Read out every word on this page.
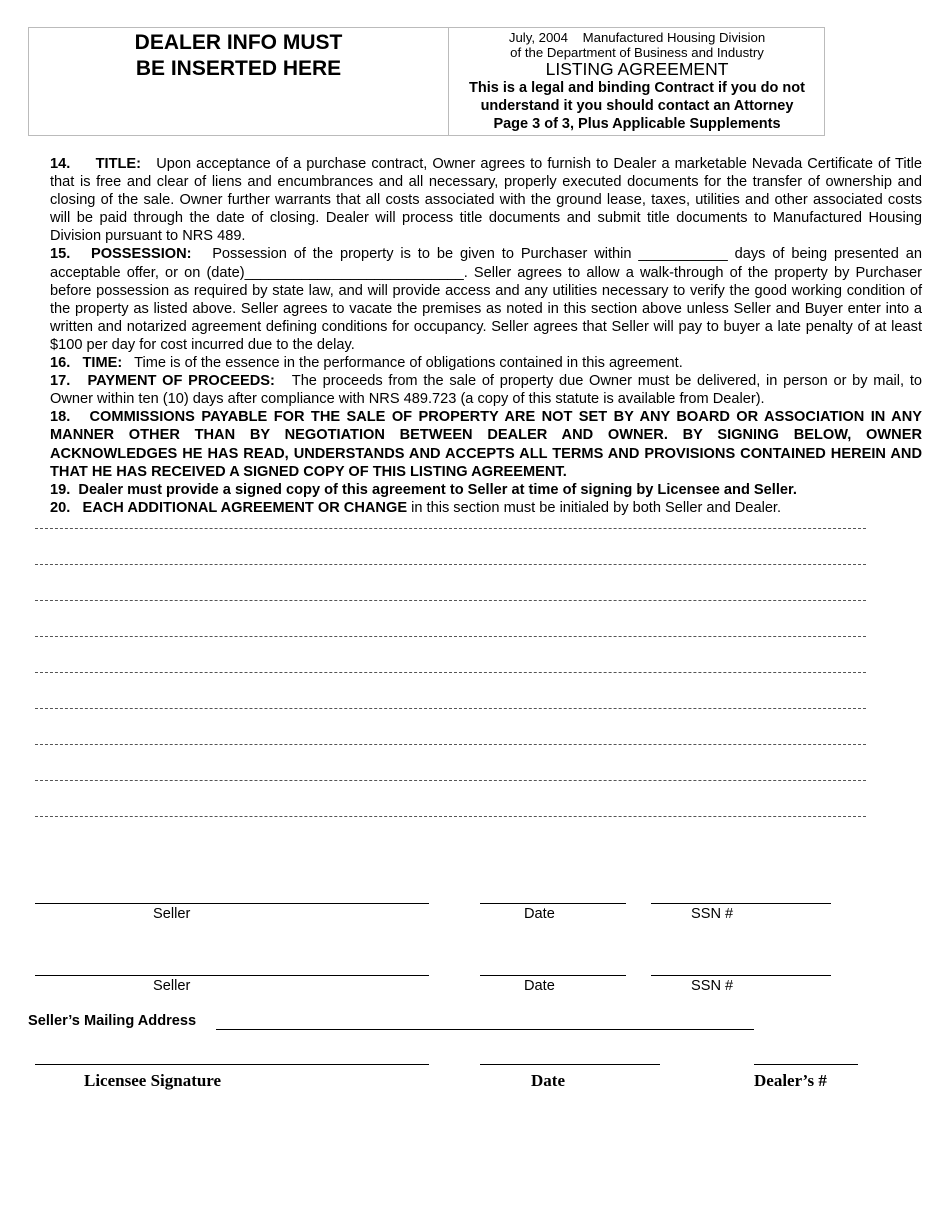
DEALER INFO MUST
BE INSERTED HERE
July, 2004    Manufactured Housing Division
of the Department of Business and Industry
LISTING AGREEMENT
This is a legal and binding Contract if you do not
understand it you should contact an Attorney
Page 3 of 3, Plus Applicable Supplements

14. TITLE: Upon acceptance of a purchase contract, Owner agrees to furnish to Dealer a marketable Nevada Certificate of Title that is free and clear of liens and encumbrances and all necessary, properly executed documents for the transfer of ownership and closing of the sale. Owner further warrants that all costs associated with the ground lease, taxes, utilities and other associated costs will be paid through the date of closing. Dealer will process title documents and submit title documents to Manufactured Housing Division pursuant to NRS 489.

15. POSSESSION: Possession of the property is to be given to Purchaser within ___________ days of being presented an acceptable offer, or on (date)___________________________. Seller agrees to allow a walk-through of the property by Purchaser before possession as required by state law, and will provide access and any utilities necessary to verify the good working condition of the property as listed above. Seller agrees to vacate the premises as noted in this section above unless Seller and Buyer enter into a written and notarized agreement defining conditions for occupancy. Seller agrees that Seller will pay to buyer a late penalty of at least $100 per day for cost incurred due to the delay.

16. TIME: Time is of the essence in the performance of obligations contained in this agreement.

17. PAYMENT OF PROCEEDS: The proceeds from the sale of property due Owner must be delivered, in person or by mail, to Owner within ten (10) days after compliance with NRS 489.723 (a copy of this statute is available from Dealer).

18. COMMISSIONS PAYABLE FOR THE SALE OF PROPERTY ARE NOT SET BY ANY BOARD OR ASSOCIATION IN ANY MANNER OTHER THAN BY NEGOTIATION BETWEEN DEALER AND OWNER. BY SIGNING BELOW, OWNER ACKNOWLEDGES HE HAS READ, UNDERSTANDS AND ACCEPTS ALL TERMS AND PROVISIONS CONTAINED HEREIN AND THAT HE HAS RECEIVED A SIGNED COPY OF THIS LISTING AGREEMENT.

19. Dealer must provide a signed copy of this agreement to Seller at time of signing by Licensee and Seller.

20. EACH ADDITIONAL AGREEMENT OR CHANGE in this section must be initialed by both Seller and Dealer.

Seller	Date	SSN #
Seller	Date	SSN #
Seller’s Mailing Address
Licensee Signature	Date	Dealer’s #
